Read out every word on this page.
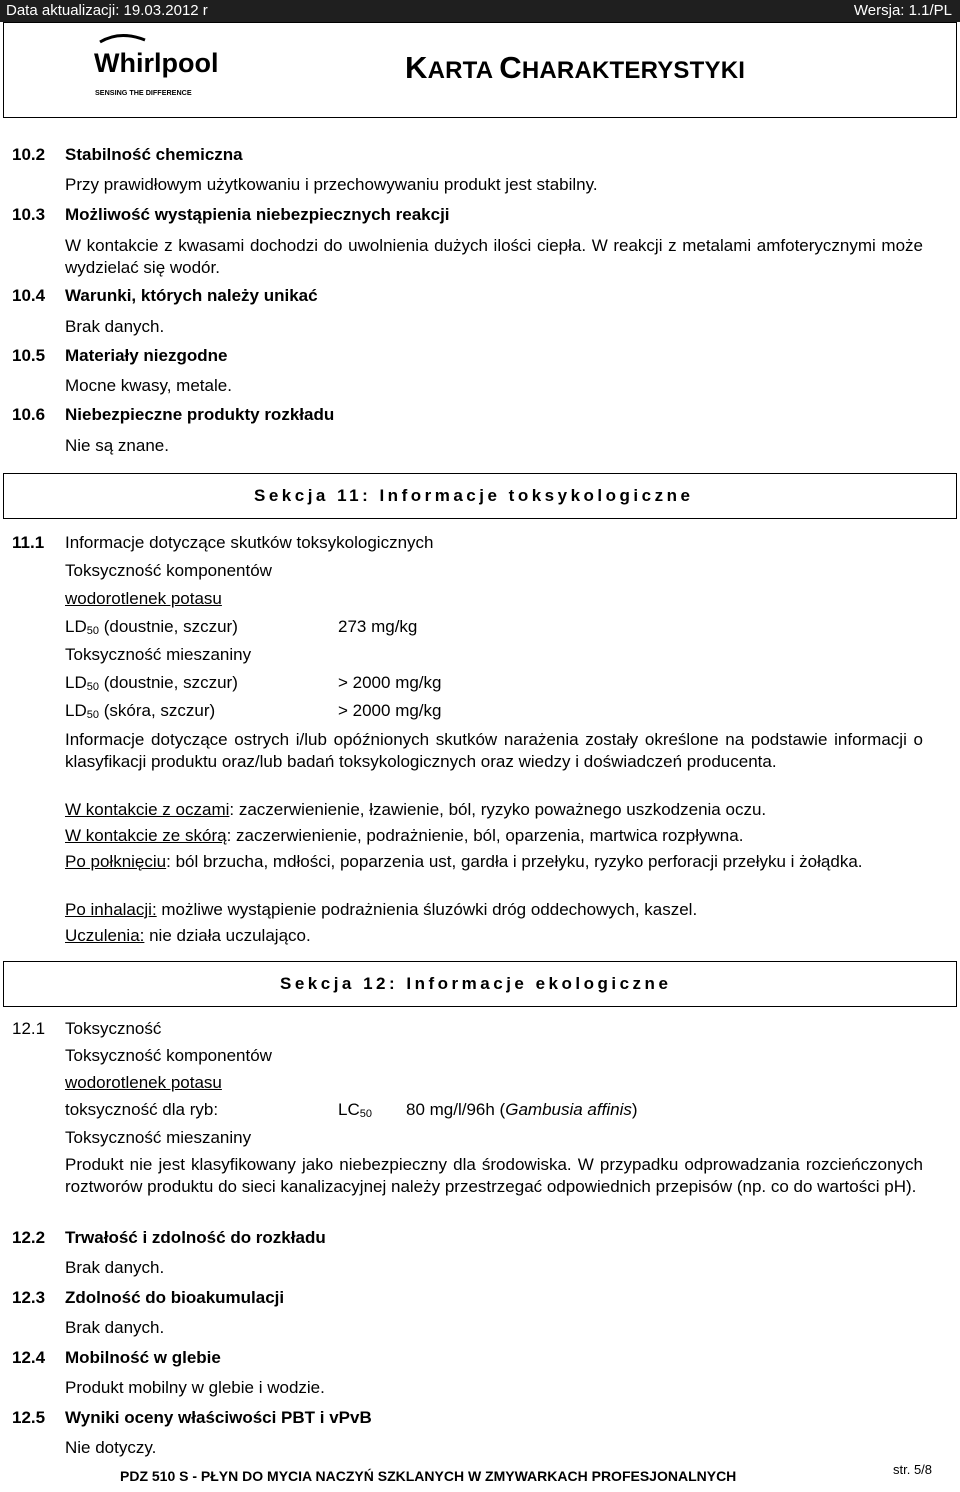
Data aktualizacji: 19.03.2012 r	Wersja: 1.1/PL
Whirlpool
SENSING THE DIFFERENCE
KARTA CHARAKTERYSTYKI
10.2 Stabilność chemiczna
Przy prawidłowym użytkowaniu i przechowywaniu produkt jest stabilny.
10.3 Możliwość wystąpienia niebezpiecznych reakcji
W kontakcie z kwasami dochodzi do uwolnienia dużych ilości ciepła. W reakcji z metalami amfoterycznymi może wydzielać się wodór.
10.4 Warunki, których należy unikać
Brak danych.
10.5 Materiały niezgodne
Mocne kwasy, metale.
10.6 Niebezpieczne produkty rozkładu
Nie są znane.
Sekcja 11: Informacje toksykologiczne
11.1 Informacje dotyczące skutków toksykologicznych
Toksyczność komponentów
wodorotlenek potasu
LD50 (doustnie, szczur)	273 mg/kg
Toksyczność mieszaniny
LD50 (doustnie, szczur)	> 2000 mg/kg
LD50 (skóra, szczur)	> 2000 mg/kg
Informacje dotyczące ostrych i/lub opóźnionych skutków narażenia zostały określone na podstawie informacji o klasyfikacji produktu oraz/lub badań toksykologicznych oraz wiedzy i doświadczeń producenta.
W kontakcie z oczami: zaczerwienienie, łzawienie, ból, ryzyko poważnego uszkodzenia oczu.
W kontakcie ze skórą: zaczerwienienie, podrażnienie, ból, oparzenia, martwica rozpływna.
Po połknięciu: ból brzucha, mdłości, poparzenia ust, gardła i przełyku, ryzyko perforacji przełyku i żołądka.
Po inhalacji: możliwe wystąpienie podrażnienia śluzówki dróg oddechowych, kaszel.
Uczulenia: nie działa uczulająco.
Sekcja 12: Informacje ekologiczne
12.1 Toksyczność
Toksyczność komponentów
wodorotlenek potasu
toksyczność dla ryb:	LC50 80 mg/l/96h (Gambusia affinis)
Toksyczność mieszaniny
Produkt nie jest klasyfikowany jako niebezpieczny dla środowiska. W przypadku odprowadzania rozcieńczonych roztworów produktu do sieci kanalizacyjnej należy przestrzegać odpowiednich przepisów (np. co do wartości pH).
12.2 Trwałość i zdolność do rozkładu
Brak danych.
12.3 Zdolność do bioakumulacji
Brak danych.
12.4 Mobilność w glebie
Produkt mobilny w glebie i wodzie.
12.5 Wyniki oceny właściwości PBT i vPvB
Nie dotyczy.
PDZ 510 S - PŁYN DO MYCIA NACZYŃ SZKLANYCH W ZMYWARKACH PROFESJONALNYCH	str. 5/8
